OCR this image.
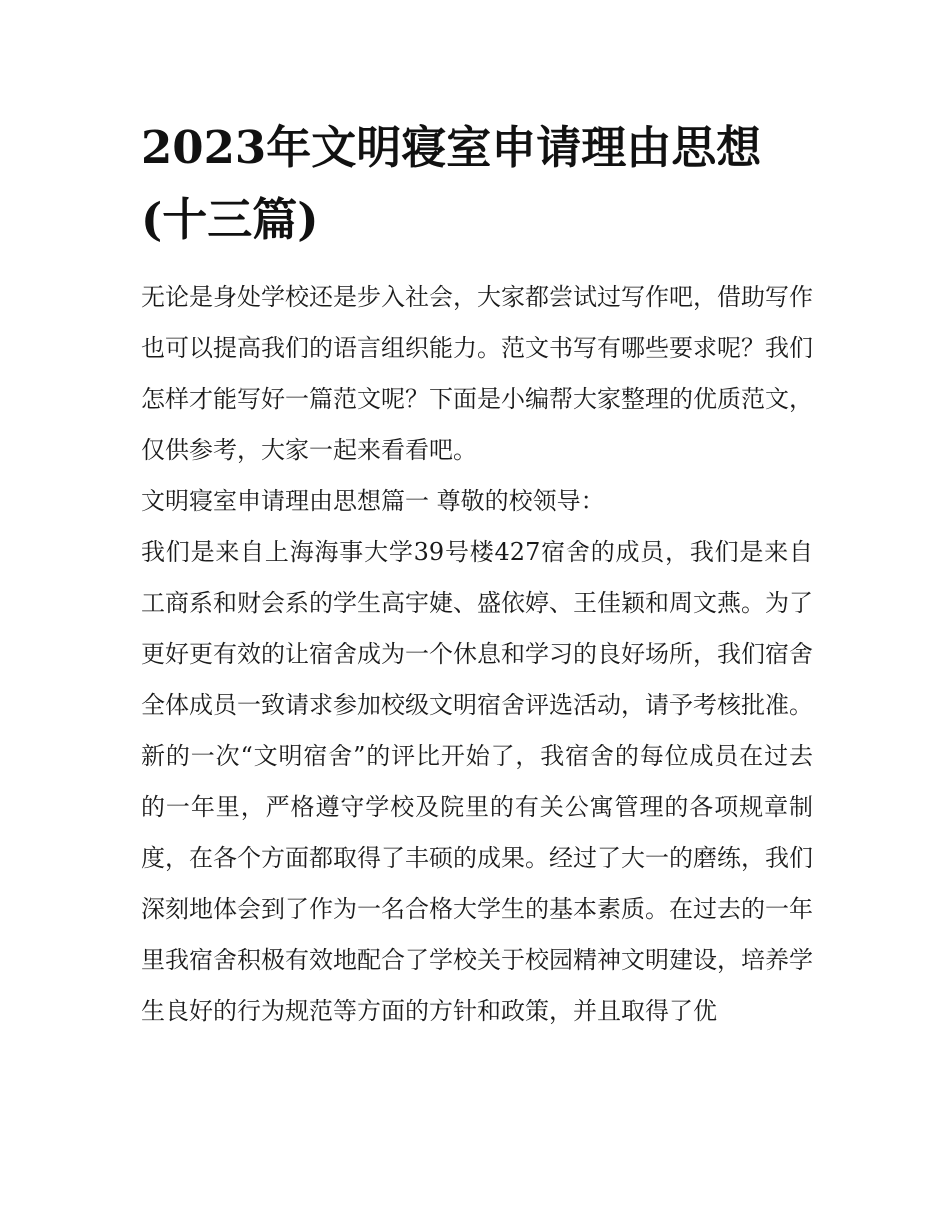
2023年文明寝室申请理由思想(十三篇)

无论是身处学校还是步入社会，大家都尝试过写作吧，借助写作也可以提高我们的语言组织能力。范文书写有哪些要求呢？我们怎样才能写好一篇范文呢？下面是小编帮大家整理的优质范文，仅供参考，大家一起来看看吧。

文明寝室申请理由思想篇一 尊敬的校领导：

我们是来自上海海事大学39号楼427宿舍的成员，我们是来自工商系和财会系的学生高宇婕、盛依婷、王佳颖和周文燕。为了更好更有效的让宿舍成为一个休息和学习的良好场所，我们宿舍全体成员一致请求参加校级文明宿舍评选活动，请予考核批准。

新的一次“文明宿舍”的评比开始了，我宿舍的每位成员在过去的一年里，严格遵守学校及院里的有关公寓管理的各项规章制度，在各个方面都取得了丰硕的成果。经过了大一的磨练，我们深刻地体会到了作为一名合格大学生的基本素质。在过去的一年里我宿舍积极有效地配合了学校关于校园精神文明建设，培养学生良好的行为规范等方面的方针和政策，并且取得了优
